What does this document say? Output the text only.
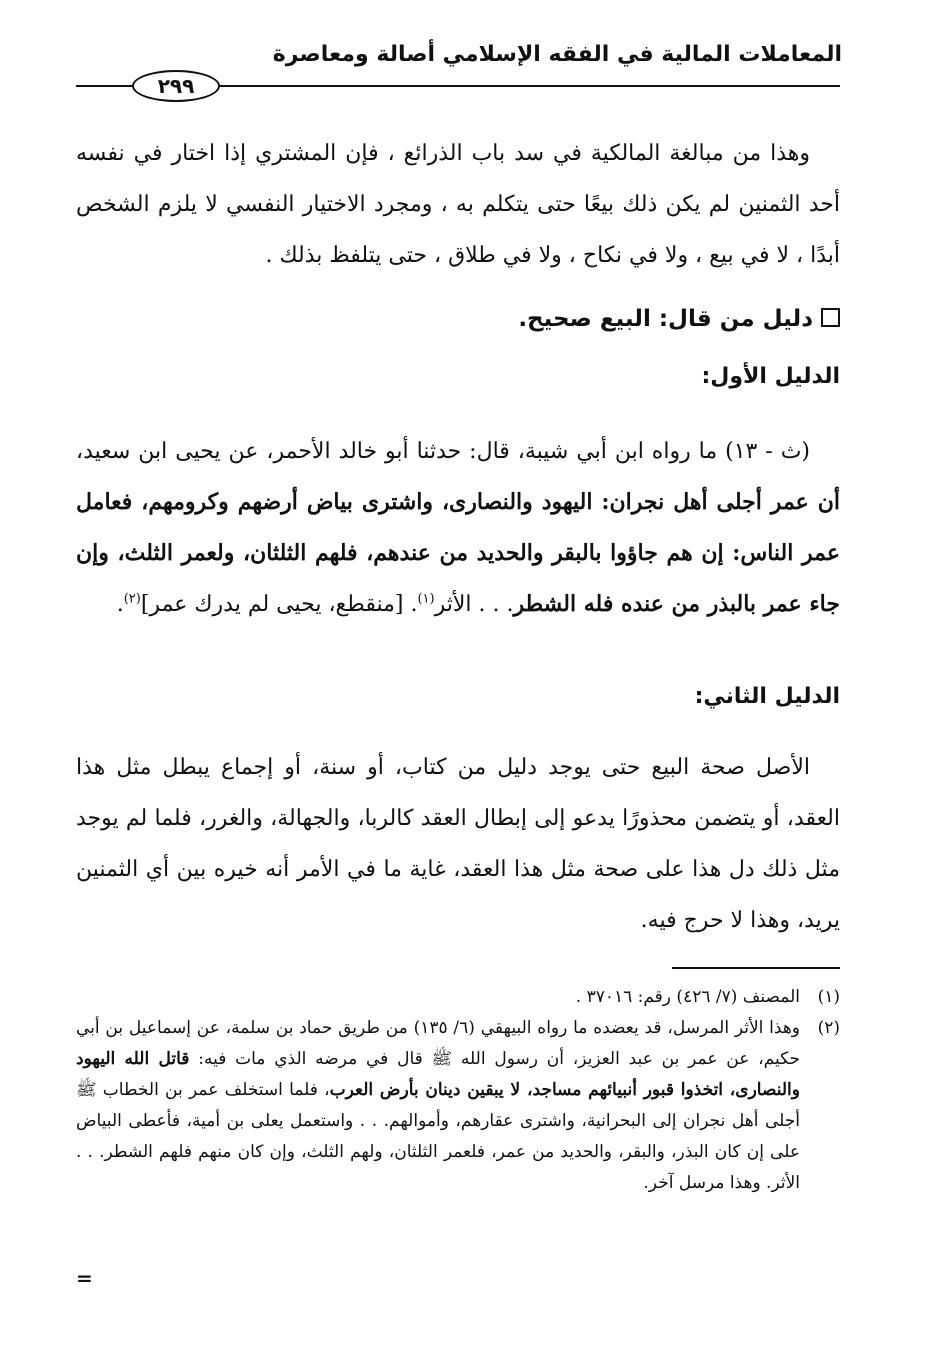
المعاملات المالية في الفقه الإسلامي أصالة ومعاصرة
٢٩٩
وهذا من مبالغة المالكية في سد باب الذرائع ، فإن المشتري إذا اختار في نفسه أحد الثمنين لم يكن ذلك بيعًا حتى يتكلم به ، ومجرد الاختيار النفسي لا يلزم الشخص أبدًا ، لا في بيع ، ولا في نكاح ، ولا في طلاق ، حتى يتلفظ بذلك .
دليل من قال: البيع صحيح.
الدليل الأول:
(ث - ١٣) ما رواه ابن أبي شيبة، قال: حدثنا أبو خالد الأحمر، عن يحيى ابن سعيد، أن عمر أجلى أهل نجران: اليهود والنصارى، واشترى بياض أرضهم وكرومهم، فعامل عمر الناس: إن هم جاؤوا بالبقر والحديد من عندهم، فلهم الثلثان، ولعمر الثلث، وإن جاء عمر بالبذر من عنده فله الشطر. . . الأثر$^{(١)}$. [منقطع، يحيى لم يدرك عمر]$^{(٢)}$.
الدليل الثاني:
الأصل صحة البيع حتى يوجد دليل من كتاب، أو سنة، أو إجماع يبطل مثل هذا العقد، أو يتضمن محذورًا يدعو إلى إبطال العقد كالربا، والجهالة، والغرر، فلما لم يوجد مثل ذلك دل هذا على صحة مثل هذا العقد، غاية ما في الأمر أنه خيره بين أي الثمنين يريد، وهذا لا حرج فيه.
(١)
المصنف (٧/ ٤٢٦) رقم: ٣٧٠١٦ .
(٢)
وهذا الأثر المرسل، قد يعضده ما رواه البيهقي (٦/ ١٣٥) من طريق حماد بن سلمة، عن إسماعيل بن أبي حكيم، عن عمر بن عبد العزيز، أن رسول الله ﷺ قال في مرضه الذي مات فيه: قاتل الله اليهود والنصارى، اتخذوا قبور أنبيائهم مساجد، لا يبقين دينان بأرض العرب، فلما استخلف عمر بن الخطاب ﷺ أجلى أهل نجران إلى البحرانية، واشترى عقارهم، وأموالهم. . . واستعمل يعلى بن أمية، فأعطى البياض على إن كان البذر، والبقر، والحديد من عمر، فلعمر الثلثان، ولهم الثلث، وإن كان منهم فلهم الشطر. . . الأثر. وهذا مرسل آخر.
=
